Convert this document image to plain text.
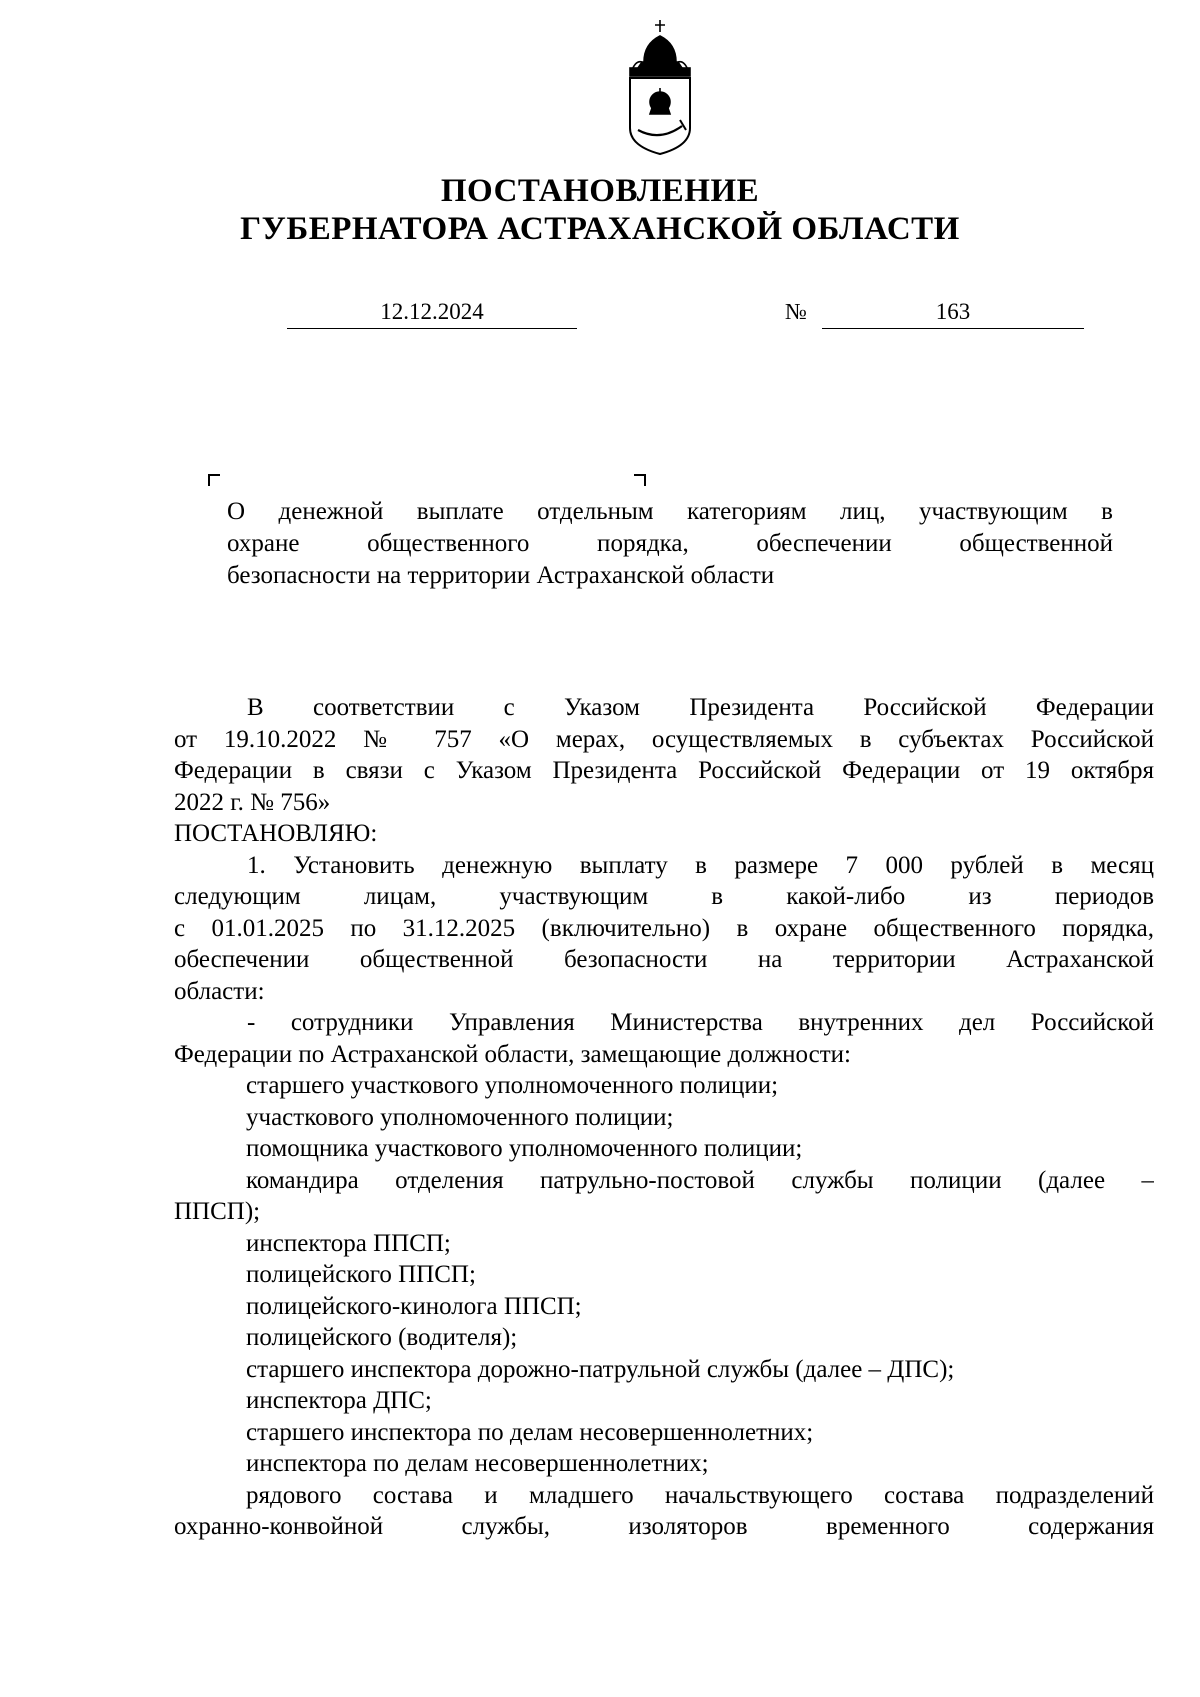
ПОСТАНОВЛЕНИЕ
ГУБЕРНАТОРА АСТРАХАНСКОЙ ОБЛАСТИ
12.12.2024	№	163
О денежной выплате отдельным категориям лиц, участвующим в
охране общественного порядка, обеспечении общественной
безопасности на территории Астраханской области
В соответствии с Указом Президента Российской Федерации
от 19.10.2022 № 757 «О мерах, осуществляемых в субъектах Российской
Федерации в связи с Указом Президента Российской Федерации от 19 октября
2022 г. № 756»
ПОСТАНОВЛЯЮ:
1. Установить денежную выплату в размере 7 000 рублей в месяц
следующим лицам, участвующим в какой-либо из периодов
с 01.01.2025 по 31.12.2025 (включительно) в охране общественного порядка,
обеспечении общественной безопасности на территории Астраханской
области:
- сотрудники Управления Министерства внутренних дел Российской
Федерации по Астраханской области, замещающие должности:
старшего участкового уполномоченного полиции;
участкового уполномоченного полиции;
помощника участкового уполномоченного полиции;
командира отделения патрульно-постовой службы полиции (далее –
ППСП);
инспектора ППСП;
полицейского ППСП;
полицейского-кинолога ППСП;
полицейского (водителя);
старшего инспектора дорожно-патрульной службы (далее – ДПС);
инспектора ДПС;
старшего инспектора по делам несовершеннолетних;
инспектора по делам несовершеннолетних;
рядового состава и младшего начальствующего состава подразделений
охранно-конвойной службы, изоляторов временного содержания
